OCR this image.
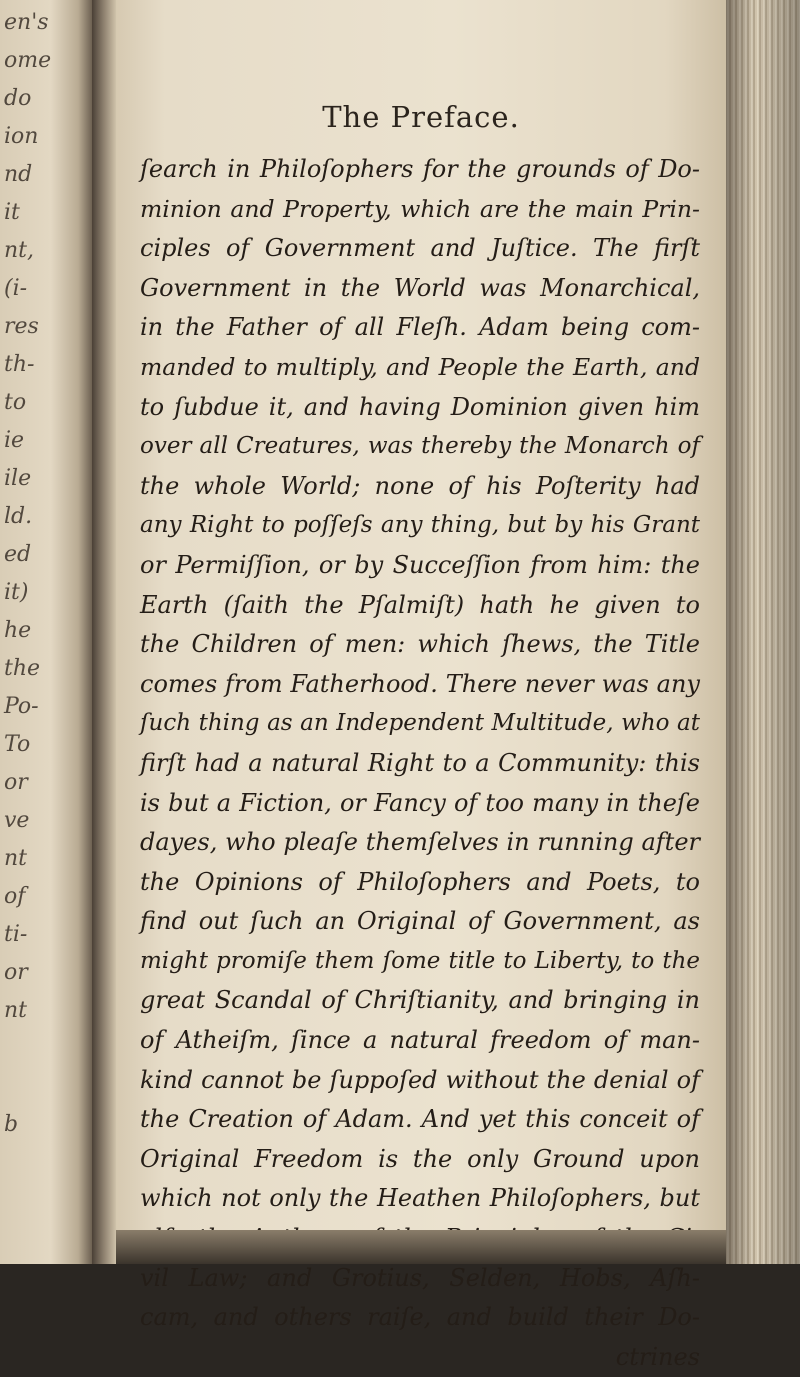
en's
ome
do
ion
nd
it
nt,
(i-
res
th-
to
ie
ile
ld.
ed
it)
he
the
Po-
To
or
ve
nt
of
ti-
or
nt
b
The Preface.
ſearch in Philoſophers for the grounds of Do-
minion and Property, which are the main Prin-
ciples of Government and Juſtice. The firſt
Government in the World was Monarchical,
in the Father of all Fleſh. Adam being com-
manded to multiply, and People the Earth, and
to ſubdue it, and having Dominion given him
over all Creatures, was thereby the Monarch of
the whole World; none of his Poſterity had
any Right to poſſeſs any thing, but by his Grant
or Permiſſion, or by Succeſſion from him: the
Earth (ſaith the Pſalmiſt) hath he given to
the Children of men: which ſhews, the Title
comes from Fatherhood. There never was any
ſuch thing as an Independent Multitude, who at
firſt had a natural Right to a Community: this
is but a Fiction, or Fancy of too many in theſe
dayes, who pleaſe themſelves in running after
the Opinions of Philoſophers and Poets, to
find out ſuch an Original of Government, as
might promiſe them ſome title to Liberty, to the
great Scandal of Chriſtianity, and bringing in
of Atheiſm, ſince a natural freedom of man-
kind cannot be ſuppoſed without the denial of
the Creation of Adam. And yet this conceit of
Original Freedom is the only Ground upon
which not only the Heathen Philoſophers, but
vil Law; and Grotius, Selden, Hobs, Aſh-
cam, and others raiſe, and build their Do-
ctrines
